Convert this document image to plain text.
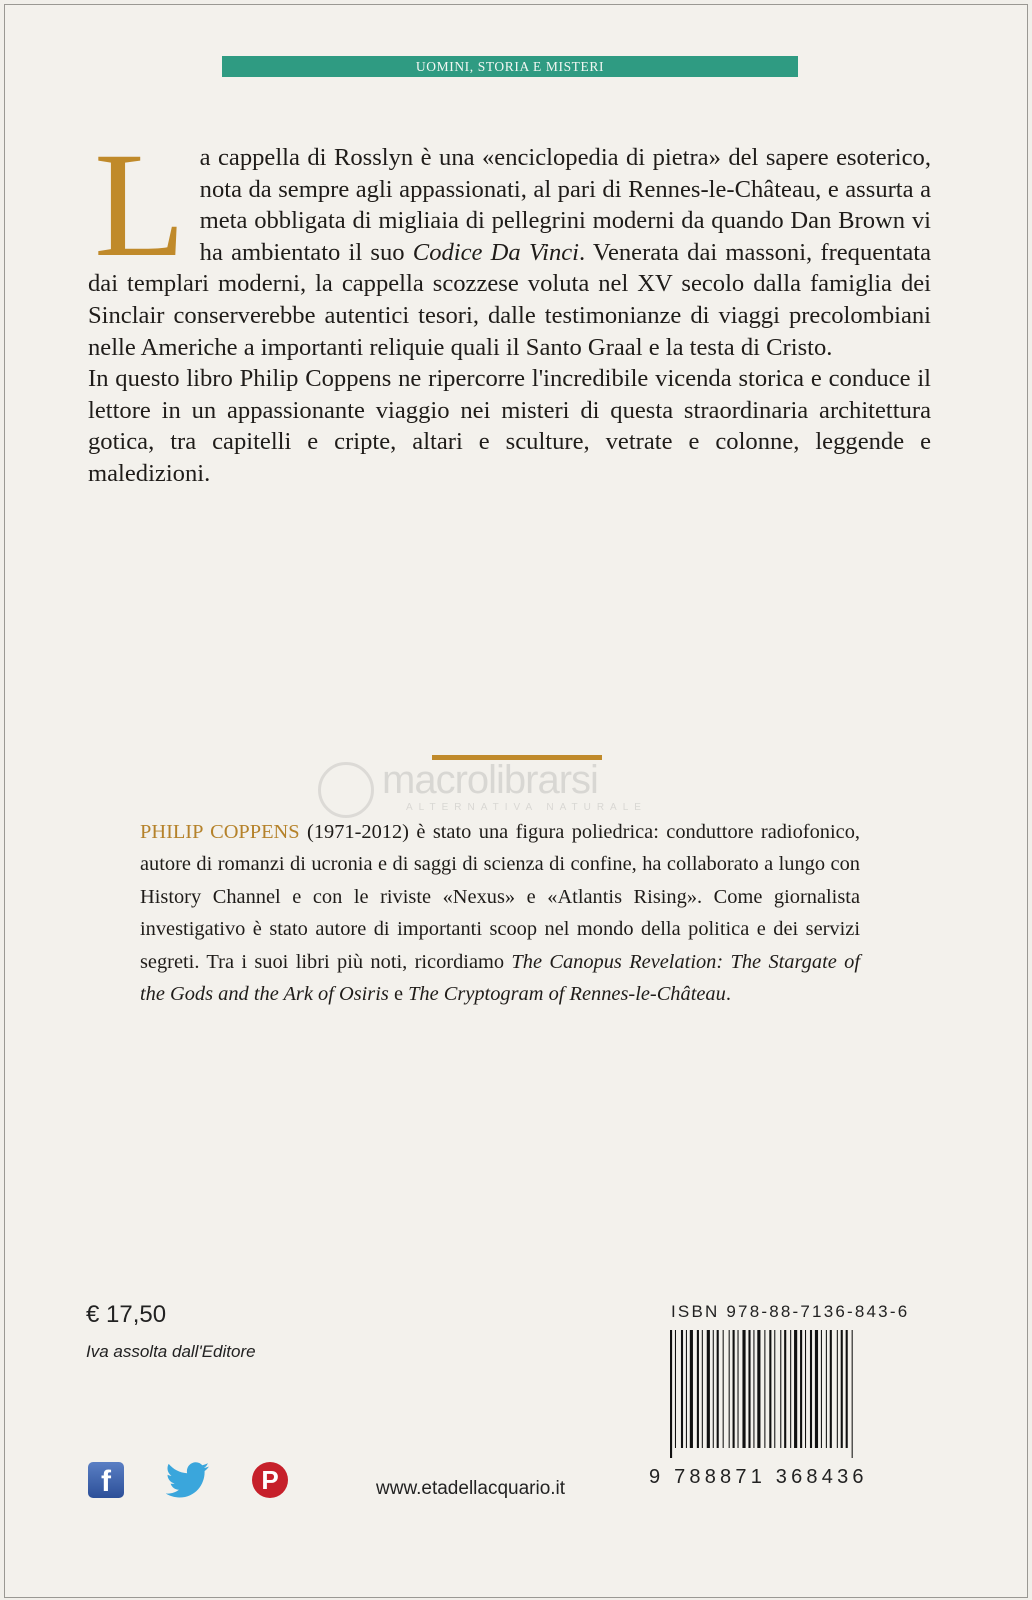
UOMINI, STORIA E MISTERI

La cappella di Rosslyn è una «enciclopedia di pietra» del sapere esoterico, nota da sempre agli appassionati, al pari di Rennes-le-Château, e assurta a meta obbligata di migliaia di pellegrini moderni da quando Dan Brown vi ha ambientato il suo Codice Da Vinci. Venerata dai massoni, frequentata dai templari moderni, la cappella scozzese voluta nel XV secolo dalla famiglia dei Sinclair conserverebbe autentici tesori, dalle testimonianze di viaggi precolombiani nelle Americhe a importanti reliquie quali il Santo Graal e la testa di Cristo.

In questo libro Philip Coppens ne ripercorre l'incredibile vicenda storica e conduce il lettore in un appassionante viaggio nei misteri di questa straordinaria architettura gotica, tra capitelli e cripte, altari e sculture, vetrate e colonne, leggende e maledizioni.

macrolibrarsi
ALTERNATIVA NATURALE
PHILIP COPPENS (1971-2012) è stato una figura poliedrica: conduttore radiofonico, autore di romanzi di ucronia e di saggi di scienza di confine, ha collaborato a lungo con History Channel e con le riviste «Nexus» e «Atlantis Rising». Come giornalista investigativo è stato autore di importanti scoop nel mondo della politica e dei servizi segreti. Tra i suoi libri più noti, ricordiamo The Canopus Revelation: The Stargate of the Gods and the Ark of Osiris e The Cryptogram of Rennes-le-Château.
€ 17,50
Iva assolta dall'Editore
f	P	www.etadellacquario.it
ISBN 978-88-7136-843-6
9 788871 368436
